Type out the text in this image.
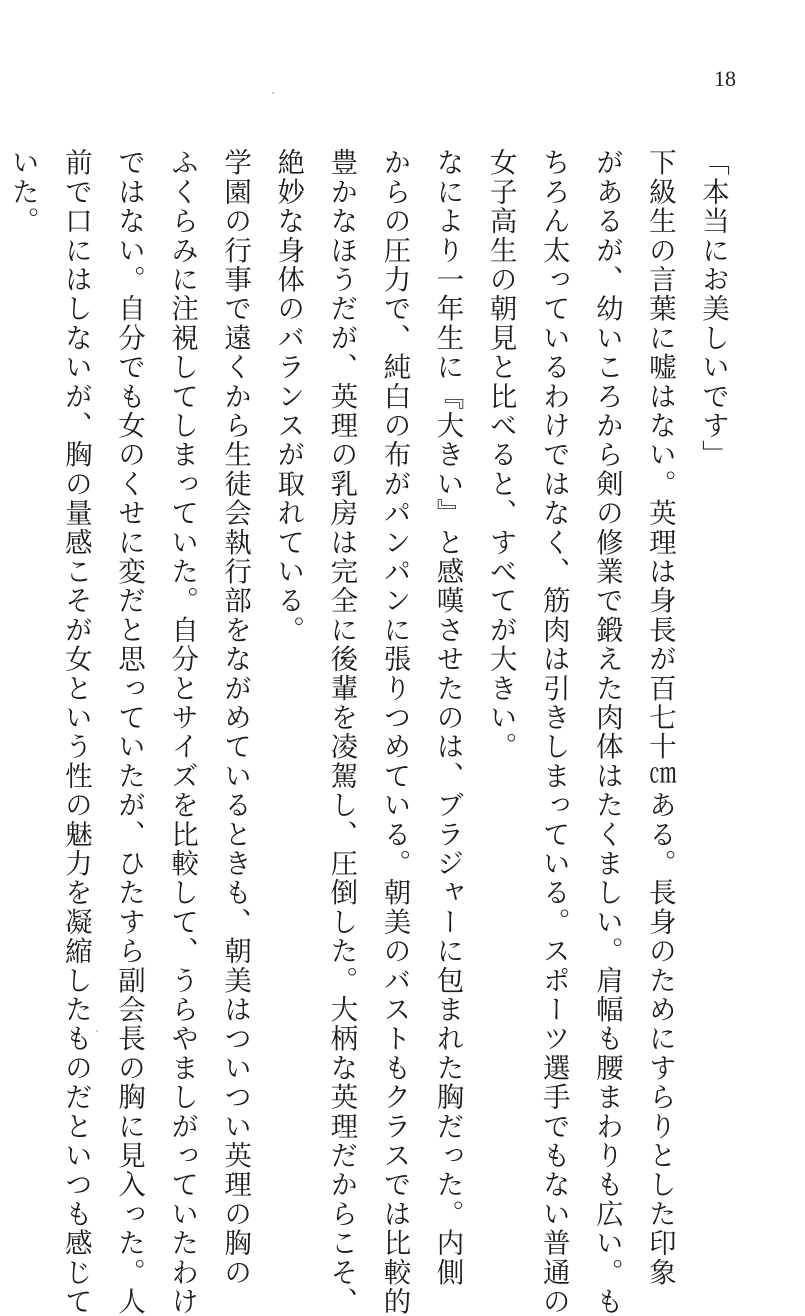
18
「本当にお美しいです」
下級生の言葉に嘘はない。英理は身長が百七十㎝ある。長身のためにすらりとした印象
があるが、幼いころから剣の修業で鍛えた肉体はたくましい。肩幅も腰まわりも広い。も
ちろん太っているわけではなく、筋肉は引きしまっている。スポーツ選手でもない普通の
女子高生の朝見と比べると、すべてが大きい。
なにより一年生に『大きい』と感嘆させたのは、ブラジャーに包まれた胸だった。内側
からの圧力で、純白の布がパンパンに張りつめている。朝美のバストもクラスでは比較的
豊かなほうだが、英理の乳房は完全に後輩を凌駕し、圧倒した。大柄な英理だからこそ、
絶妙な身体のバランスが取れている。
学園の行事で遠くから生徒会執行部をながめているときも、朝美はついつい英理の胸の
ふくらみに注視してしまっていた。自分とサイズを比較して、うらやましがっていたわけ
ではない。自分でも女のくせに変だと思っていたが、ひたすら副会長の胸に見入った。人
前で口にはしないが、胸の量感こそが女という性の魅力を凝縮したものだといつも感じて
いた。
